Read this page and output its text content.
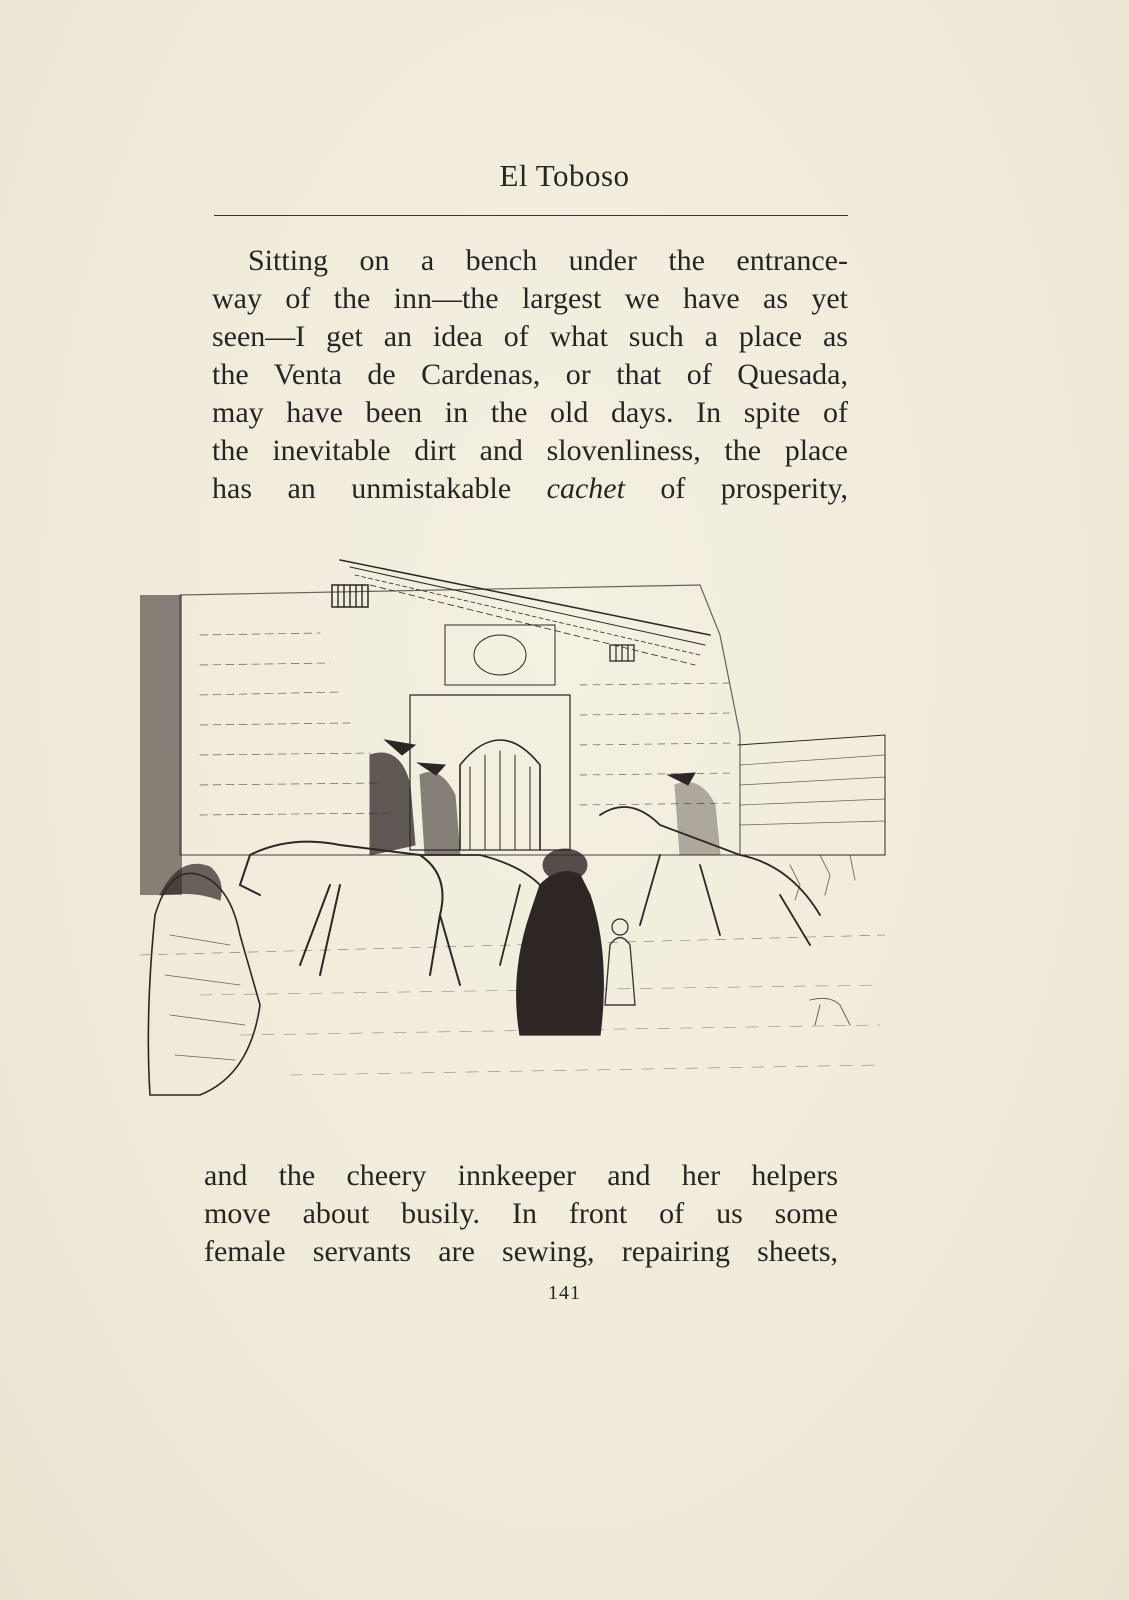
El Toboso
Sitting on a bench under the entrance-
way of the inn—the largest we have as yet
seen—I get an idea of what such a place as
the Venta de Cardenas, or that of Quesada,
may have been in the old days. In spite of
the inevitable dirt and slovenliness, the place
has an unmistakable cachet of prosperity,
and the cheery innkeeper and her helpers
move about busily. In front of us some
female servants are sewing, repairing sheets,
141
